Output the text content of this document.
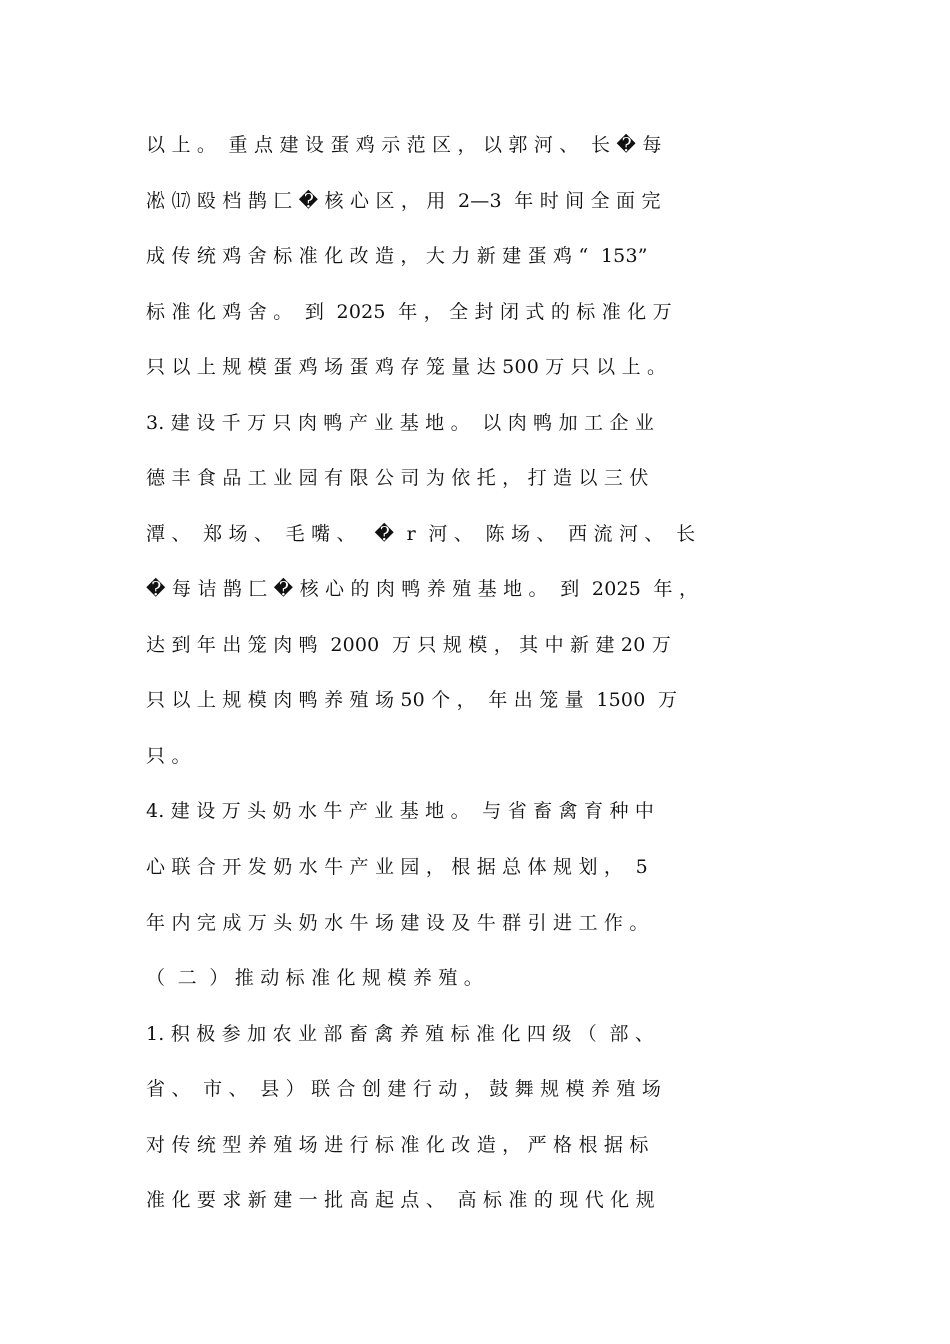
以 上 。  重 点 建 设 蛋 鸡 示 范 区 ， 以 郭 河 、  长 � 每
凇 ⒄ 殴 档 鹊 匚 � 核 心 区 ， 用  2—3  年 时 间 全 面 完
成 传 统 鸡 舍 标 准 化 改 造 ， 大 力 新 建 蛋 鸡 “  153”
标 准 化 鸡 舍 。  到  2025  年 ， 全 封 闭 式 的 标 准 化 万
只 以 上 规 模 蛋 鸡 场 蛋 鸡 存 笼 量 达 500 万 只 以 上 。
3. 建 设 千 万 只 肉 鸭 产 业 基 地 。  以 肉 鸭 加 工 企 业
德 丰 食 品 工 业 园 有 限 公 司 为 依 托 ， 打 造 以 三 伏
潭 、  郑 场 、  毛 嘴 、   �  r  河 、  陈 场 、  西 流 河 、  长
� 每 诘 鹊 匚 � 核 心 的 肉 鸭 养 殖 基 地 。  到  2025  年 ，
达 到 年 出 笼 肉 鸭  2000  万 只 规 模 ， 其 中 新 建 20 万
只 以 上 规 模 肉 鸭 养 殖 场 50 个 ，  年 出 笼 量  1500  万
只 。
4. 建 设 万 头 奶 水 牛 产 业 基 地 。  与 省 畜 禽 育 种 中
心 联 合 开 发 奶 水 牛 产 业 园 ， 根 据 总 体 规 划 ，  5
年 内 完 成 万 头 奶 水 牛 场 建 设 及 牛 群 引 进 工 作 。
（  二  ） 推 动 标 准 化 规 模 养 殖 。
1. 积 极 参 加 农 业 部 畜 禽 养 殖 标 准 化 四 级 （  部 、
省 、  市 、  县 ） 联 合 创 建 行 动 ， 鼓 舞 规 模 养 殖 场
对 传 统 型 养 殖 场 进 行 标 准 化 改 造 ， 严 格 根 据 标
准 化 要 求 新 建 一 批 高 起 点 、  高 标 准 的 现 代 化 规
